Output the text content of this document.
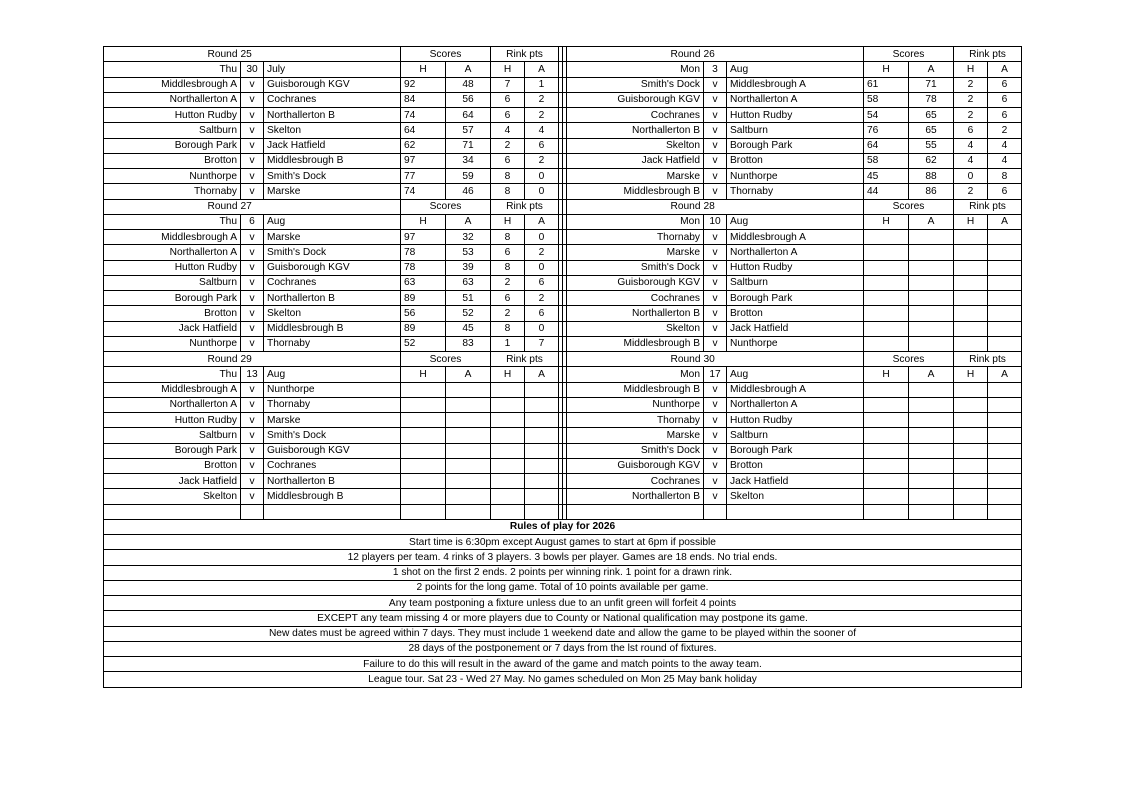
Round	25		Scores		Rink pts				Round	26		Scores		Rink pts	
Thu	30	July	H	A	H	A			Mon	3	Aug	H	A	H	A
Middlesbrough A	v	Guisborough KGV	92	48	7	1			Smith's Dock	v	Middlesbrough A	61	71	2	6
Northallerton A	v	Cochranes	84	56	6	2			Guisborough KGV	v	Northallerton A	58	78	2	6
Hutton Rudby	v	Northallerton B	74	64	6	2			Cochranes	v	Hutton Rudby	54	65	2	6
Saltburn	v	Skelton	64	57	4	4			Northallerton B	v	Saltburn	76	65	6	2
Borough Park	v	Jack Hatfield	62	71	2	6			Skelton	v	Borough Park	64	55	4	4
Brotton	v	Middlesbrough B	97	34	6	2			Jack Hatfield	v	Brotton	58	62	4	4
Nunthorpe	v	Smith's Dock	77	59	8	0			Marske	v	Nunthorpe	45	88	0	8
Thornaby	v	Marske	74	46	8	0			Middlesbrough B	v	Thornaby	44	86	2	6
Round	27		Scores		Rink pts				Round	28		Scores		Rink pts	
Thu	6	Aug	H	A	H	A			Mon	10	Aug	H	A	H	A
Middlesbrough A	v	Marske	97	32	8	0			Thornaby	v	Middlesbrough A				
Northallerton A	v	Smith's Dock	78	53	6	2			Marske	v	Northallerton A				
Hutton Rudby	v	Guisborough KGV	78	39	8	0			Smith's Dock	v	Hutton Rudby				
Saltburn	v	Cochranes	63	63	2	6			Guisborough KGV	v	Saltburn				
Borough Park	v	Northallerton B	89	51	6	2			Cochranes	v	Borough Park				
Brotton	v	Skelton	56	52	2	6			Northallerton B	v	Brotton				
Jack Hatfield	v	Middlesbrough B	89	45	8	0			Skelton	v	Jack Hatfield				
Nunthorpe	v	Thornaby	52	83	1	7			Middlesbrough B	v	Nunthorpe				
Round	29		Scores		Rink pts				Round	30		Scores		Rink pts	
Thu	13	Aug	H	A	H	A			Mon	17	Aug	H	A	H	A
Middlesbrough A	v	Nunthorpe							Middlesbrough B	v	Middlesbrough A				
Northallerton A	v	Thornaby							Nunthorpe	v	Northallerton A				
Hutton Rudby	v	Marske							Thornaby	v	Hutton Rudby				
Saltburn	v	Smith's Dock							Marske	v	Saltburn				
Borough Park	v	Guisborough KGV							Smith's Dock	v	Borough Park				
Brotton	v	Cochranes							Guisborough KGV	v	Brotton				
Jack Hatfield	v	Northallerton B							Cochranes	v	Jack Hatfield				
Skelton	v	Middlesbrough B							Northallerton B	v	Skelton				

Rules of play for 2026															
Start time is 6:30pm except August games to start at 6pm if possible															
12 players per team. 4 rinks of 3 players. 3 bowls per player. Games are 18 ends. No trial ends.															
1 shot on the first 2 ends. 2 points per winning rink. 1 point for a drawn rink.															
2 points for the long game. Total of 10 points available per game.															
Any team postponing a fixture unless due to an unfit green will forfeit 4 points															
EXCEPT any team missing 4 or more players due to County or National qualification may postpone its game.															
New dates must be agreed within 7 days. They must include 1 weekend date and allow the game to be played within the sooner of															
28 days of the postponement or 7 days from the lst round of fixtures.															
Failure to do this will result in the award of the game and match points to the away team.															
League tour. Sat 23 - Wed 27 May. No games scheduled on Mon 25 May bank holiday															
